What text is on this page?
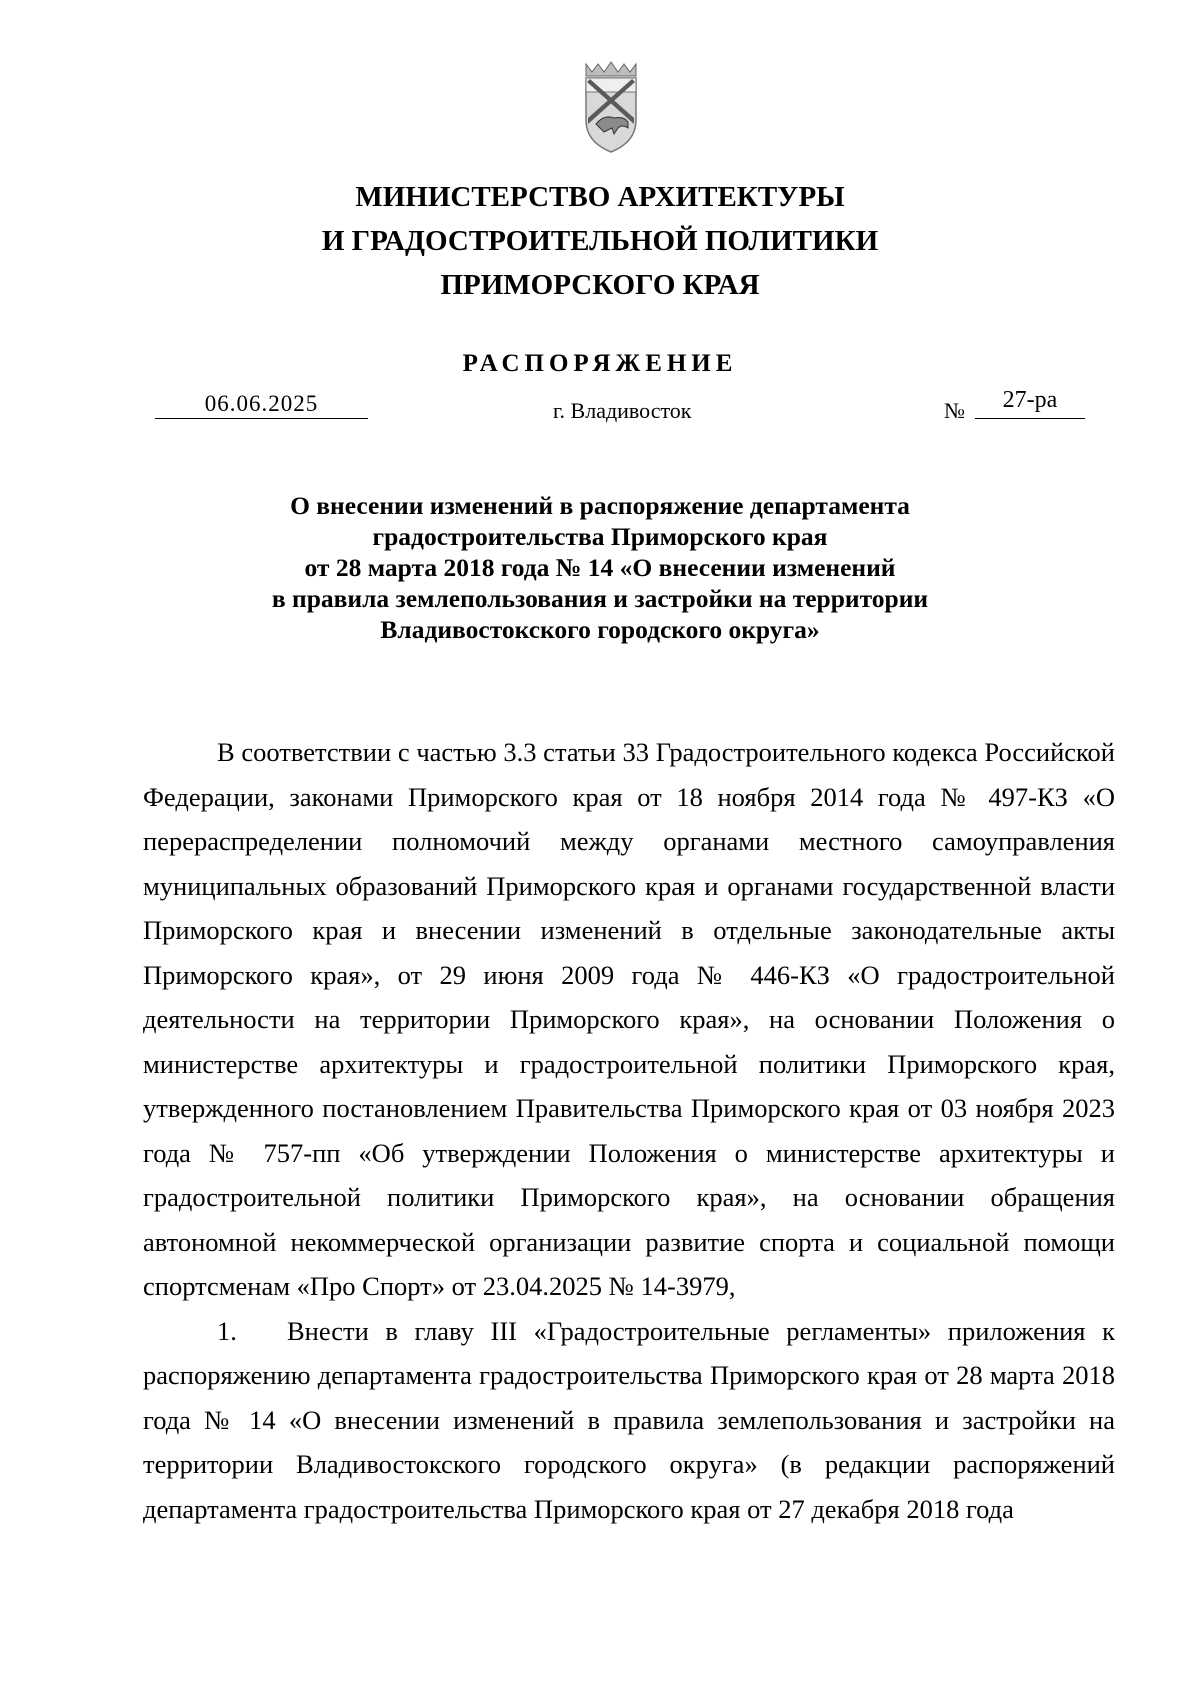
МИНИСТЕРСТВО АРХИТЕКТУРЫ
И ГРАДОСТРОИТЕЛЬНОЙ ПОЛИТИКИ
ПРИМОРСКОГО КРАЯ
РАСПОРЯЖЕНИЕ
06.06.2025	г. Владивосток	№	27-ра
О внесении изменений в распоряжение департамента
градостроительства Приморского края
от 28 марта 2018 года № 14 «О внесении изменений
в правила землепользования и застройки на территории
Владивостокского городского округа»

В соответствии с частью 3.3 статьи 33 Градостроительного кодекса Российской Федерации, законами Приморского края от 18 ноября 2014 года № 497-КЗ «О перераспределении полномочий между органами местного самоуправления муниципальных образований Приморского края и органами государственной власти Приморского края и внесении изменений в отдельные законодательные акты Приморского края», от 29 июня 2009 года № 446-КЗ «О градостроительной деятельности на территории Приморского края», на основании Положения о министерстве архитектуры и градостроительной политики Приморского края, утвержденного постановлением Правительства Приморского края от 03 ноября 2023 года № 757-пп «Об утверждении Положения о министерстве архитектуры и градостроительной политики Приморского края», на основании обращения автономной некоммерческой организации развитие спорта и социальной помощи спортсменам «Про Спорт» от 23.04.2025 № 14-3979,

1. Внести в главу III «Градостроительные регламенты» приложения к распоряжению департамента градостроительства Приморского края от 28 марта 2018 года № 14 «О внесении изменений в правила землепользования и застройки на территории Владивостокского городского округа» (в редакции распоряжений департамента градостроительства Приморского края от 27 декабря 2018 года
